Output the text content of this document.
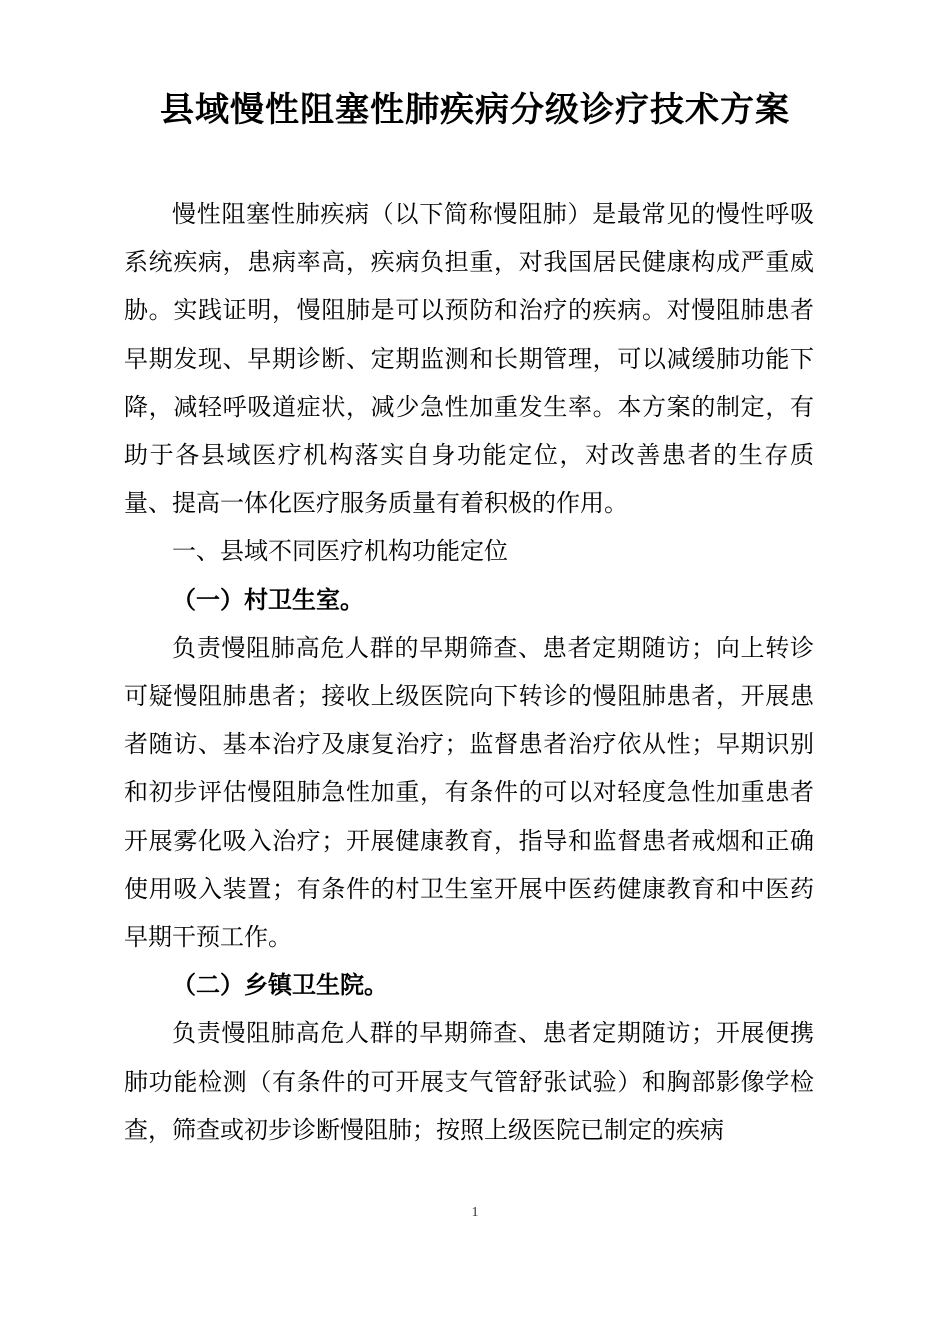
县域慢性阻塞性肺疾病分级诊疗技术方案

慢性阻塞性肺疾病（以下简称慢阻肺）是最常见的慢性呼吸系统疾病，患病率高，疾病负担重，对我国居民健康构成严重威胁。实践证明，慢阻肺是可以预防和治疗的疾病。对慢阻肺患者早期发现、早期诊断、定期监测和长期管理，可以减缓肺功能下降，减轻呼吸道症状，减少急性加重发生率。本方案的制定，有助于各县域医疗机构落实自身功能定位，对改善患者的生存质量、提高一体化医疗服务质量有着积极的作用。

一、县域不同医疗机构功能定位

（一）村卫生室。

负责慢阻肺高危人群的早期筛查、患者定期随访；向上转诊可疑慢阻肺患者；接收上级医院向下转诊的慢阻肺患者，开展患者随访、基本治疗及康复治疗；监督患者治疗依从性；早期识别和初步评估慢阻肺急性加重，有条件的可以对轻度急性加重患者开展雾化吸入治疗；开展健康教育，指导和监督患者戒烟和正确使用吸入装置；有条件的村卫生室开展中医药健康教育和中医药早期干预工作。

（二）乡镇卫生院。

负责慢阻肺高危人群的早期筛查、患者定期随访；开展便携肺功能检测（有条件的可开展支气管舒张试验）和胸部影像学检查，筛查或初步诊断慢阻肺；按照上级医院已制定的疾病

1
